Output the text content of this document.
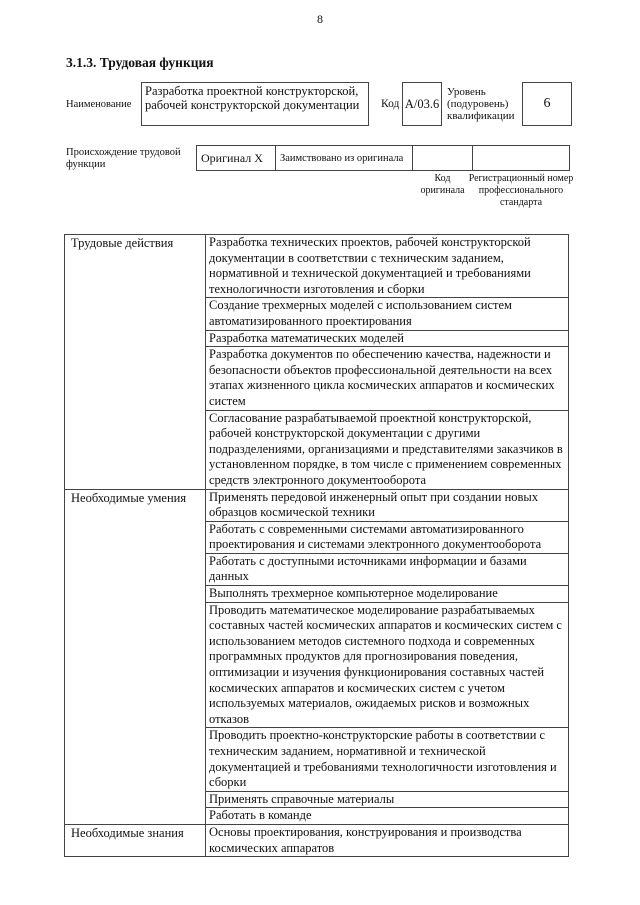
8
3.1.3. Трудовая функция
Наименование
Разработка проектной конструкторской, рабочей конструкторской документации	Код А/03.6
Уровень (подуровень) квалификации
6
Происхождение трудовой функции	Оригинал Х	Заимствовано из оригинала
Код оригинала
Регистрационный номер профессионального стандарта
Трудовые действия	Разработка технических проектов, рабочей конструкторской документации в соответствии с техническим заданием, нормативной и технической документацией и требованиями технологичности изготовления и сборки
	Создание трехмерных моделей с использованием систем автоматизированного проектирования
	Разработка математических моделей
	Разработка документов по обеспечению качества, надежности и безопасности объектов профессиональной деятельности на всех этапах жизненного цикла космических аппаратов и космических систем
	Согласование разрабатываемой проектной конструкторской, рабочей конструкторской документации с другими подразделениями, организациями и представителями заказчиков в установленном порядке, в том числе с применением современных средств электронного документооборота
Необходимые умения	Применять передовой инженерный опыт при создании новых образцов космической техники
	Работать с современными системами автоматизированного проектирования и системами электронного документооборота
	Работать с доступными источниками информации и базами данных
	Выполнять трехмерное компьютерное моделирование
	Проводить математическое моделирование разрабатываемых составных частей космических аппаратов и космических систем с использованием методов системного подхода и современных программных продуктов для прогнозирования поведения, оптимизации и изучения функционирования составных частей космических аппаратов и космических систем с учетом используемых материалов, ожидаемых рисков и возможных отказов
	Проводить проектно-конструкторские работы в соответствии с техническим заданием, нормативной и технической документацией и требованиями технологичности изготовления и сборки
	Применять справочные материалы
	Работать в команде
Необходимые знания	Основы проектирования, конструирования и производства космических аппаратов
